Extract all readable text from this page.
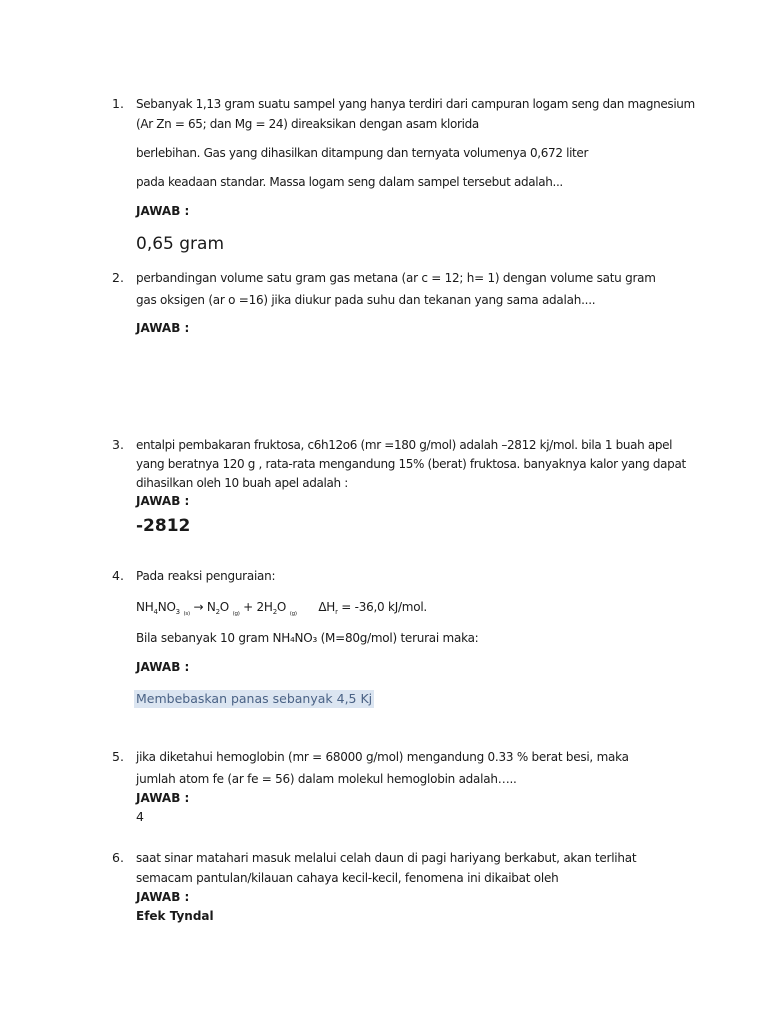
1. Sebanyak 1,13 gram suatu sampel yang hanya terdiri dari campuran logam seng dan magnesium
(Ar Zn = 65; dan Mg = 24) direaksikan dengan asam klorida
berlebihan. Gas yang dihasilkan ditampung dan ternyata volumenya 0,672 liter
pada keadaan standar. Massa logam seng dalam sampel tersebut adalah...
JAWAB :
0,65 gram
2. perbandingan volume satu gram gas metana (ar c = 12; h= 1) dengan volume satu gram
gas oksigen (ar o =16) jika diukur pada suhu dan tekanan yang sama adalah....
JAWAB :
3. entalpi pembakaran fruktosa, c6h12o6 (mr =180 g/mol) adalah –2812 kj/mol. bila 1 buah apel
yang beratnya 120 g , rata-rata mengandung 15% (berat) fruktosa. banyaknya kalor yang dapat
dihasilkan oleh 10 buah apel adalah :
JAWAB :
-2812
4. Pada reaksi penguraian:
$NH_4NO_3$ $_{(s)} \to N_2O$ $_{(g)} + 2H_2O$ $_{(g)}$ $\Delta H_r = -36,0$ kJ/mol.
Bila sebanyak 10 gram NH₄NO₃ (M=80g/mol) terurai maka:
JAWAB :
Membebaskan panas sebanyak 4,5 Kj
5. jika diketahui hemoglobin (mr = 68000 g/mol) mengandung 0.33 % berat besi, maka
jumlah atom fe (ar fe = 56) dalam molekul hemoglobin adalah…..
JAWAB :
4
6. saat sinar matahari masuk melalui celah daun di pagi hariyang berkabut, akan terlihat
semacam pantulan/kilauan cahaya kecil-kecil, fenomena ini dikaibat oleh
JAWAB :
Efek Tyndal
